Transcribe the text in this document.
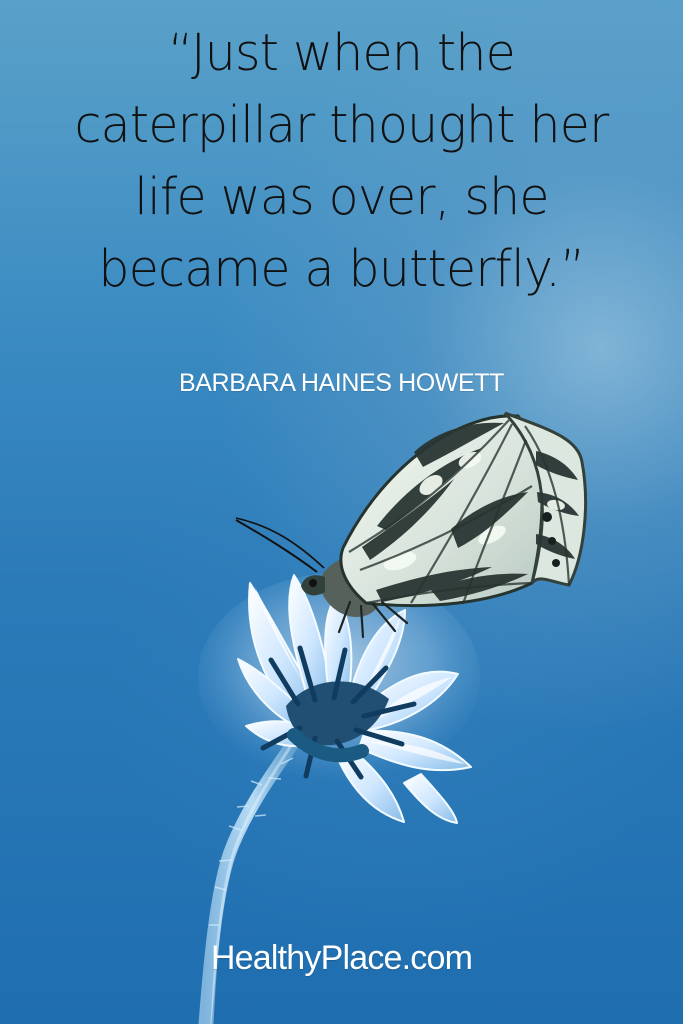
“Just when the
caterpillar thought her
life was over, she
became a butterfly.”
BARBARA HAINES HOWETT
HealthyPlace.com
